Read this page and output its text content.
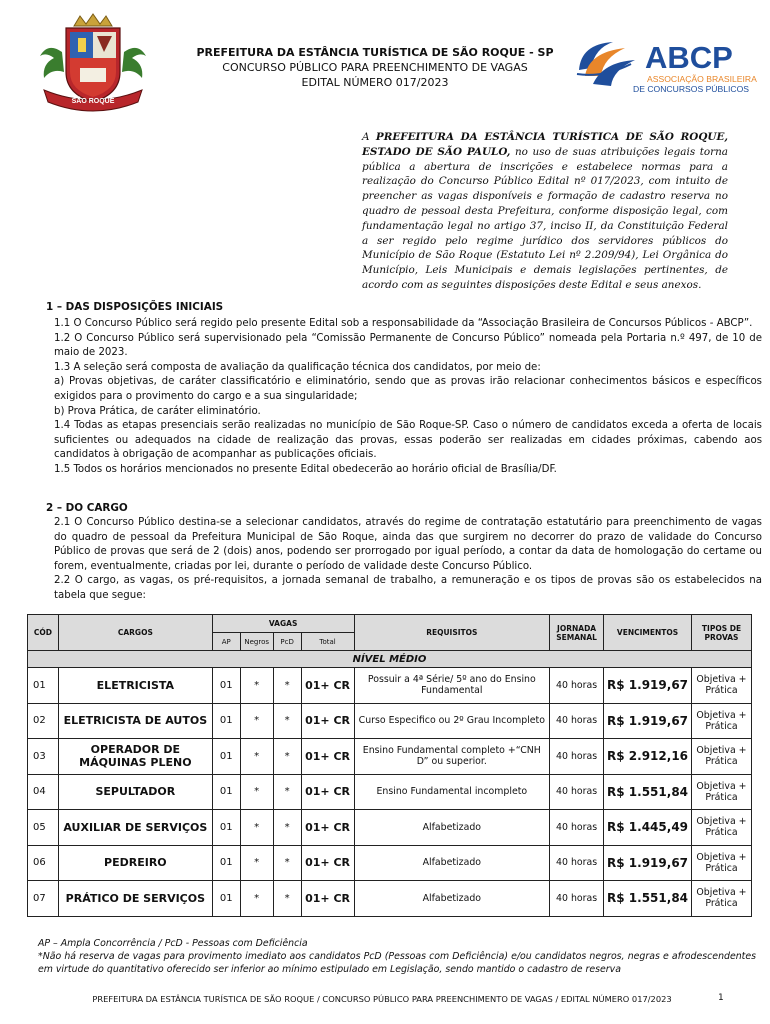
SÃO ROQUE
PREFEITURA DA ESTÂNCIA TURÍSTICA DE SÃO ROQUE - SP
CONCURSO PÚBLICO PARA PREENCHIMENTO DE VAGAS
EDITAL NÚMERO 017/2023
ABCP
ASSOCIAÇÃO BRASILEIRA
DE CONCURSOS PÚBLICOS
A PREFEITURA DA ESTÂNCIA TURÍSTICA DE SÃO ROQUE, ESTADO DE SÃO PAULO, no uso de suas atribuições legais torna pública a abertura de inscrições e estabelece normas para a realização do Concurso Público Edital nº 017/2023, com intuito de preencher as vagas disponíveis e formação de cadastro reserva no quadro de pessoal desta Prefeitura, conforme disposição legal, com fundamentação legal no artigo 37, inciso II, da Constituição Federal a ser regido pelo regime jurídico dos servidores públicos do Município de São Roque (Estatuto Lei nº 2.209/94), Lei Orgânica do Município, Leis Municipais e demais legislações pertinentes, de acordo com as seguintes disposições deste Edital e seus anexos.
1 – DAS DISPOSIÇÕES INICIAIS
1.1 O Concurso Público será regido pelo presente Edital sob a responsabilidade da “Associação Brasileira de Concursos Públicos - ABCP”.
1.2 O Concurso Público será supervisionado pela “Comissão Permanente de Concurso Público” nomeada pela Portaria n.º 497, de 10 de maio de 2023.
1.3 A seleção será composta de avaliação da qualificação técnica dos candidatos, por meio de:
a) Provas objetivas, de caráter classificatório e eliminatório, sendo que as provas irão relacionar conhecimentos básicos e específicos exigidos para o provimento do cargo e a sua singularidade;
b) Prova Prática, de caráter eliminatório.
1.4 Todas as etapas presenciais serão realizadas no município de São Roque-SP. Caso o número de candidatos exceda a oferta de locais suficientes ou adequados na cidade de realização das provas, essas poderão ser realizadas em cidades próximas, cabendo aos candidatos à obrigação de acompanhar as publicações oficiais.
1.5 Todos os horários mencionados no presente Edital obedecerão ao horário oficial de Brasília/DF.
2 – DO CARGO
2.1 O Concurso Público destina-se a selecionar candidatos, através do regime de contratação estatutário para preenchimento de vagas do quadro de pessoal da Prefeitura Municipal de São Roque, ainda das que surgirem no decorrer do prazo de validade do Concurso Público de provas que será de 2 (dois) anos, podendo ser prorrogado por igual período, a contar da data de homologação do certame ou forem, eventualmente, criadas por lei, durante o período de validade deste Concurso Público.
2.2 O cargo, as vagas, os pré-requisitos, a jornada semanal de trabalho, a remuneração e os tipos de provas são os estabelecidos na tabela que segue:
CÓD	CARGOS	VAGAS				REQUISITOS	JORNADA SEMANAL	VENCIMENTOS	TIPOS DE PROVAS
		AP	Negros	PcD	Total				
NÍVEL MÉDIO									
01	ELETRICISTA	01	*	*	01+ CR	Possuir a 4ª Série/ 5º ano do Ensino Fundamental	40 horas	R$ 1.919,67	Objetiva + Prática
02	ELETRICISTA DE AUTOS	01	*	*	01+ CR	Curso Especifico ou 2º Grau Incompleto	40 horas	R$ 1.919,67	Objetiva + Prática
03	OPERADOR DE MÁQUINAS PLENO	01	*	*	01+ CR	Ensino Fundamental completo +“CNH D” ou superior.	40 horas	R$ 2.912,16	Objetiva + Prática
04	SEPULTADOR	01	*	*	01+ CR	Ensino Fundamental incompleto	40 horas	R$ 1.551,84	Objetiva + Prática
05	AUXILIAR DE SERVIÇOS	01	*	*	01+ CR	Alfabetizado	40 horas	R$ 1.445,49	Objetiva + Prática
06	PEDREIRO	01	*	*	01+ CR	Alfabetizado	40 horas	R$ 1.919,67	Objetiva + Prática
07	PRÁTICO DE SERVIÇOS	01	*	*	01+ CR	Alfabetizado	40 horas	R$ 1.551,84	Objetiva + Prática
AP – Ampla Concorrência / PcD - Pessoas com Deficiência
*Não há reserva de vagas para provimento imediato aos candidatos PcD (Pessoas com Deficiência) e/ou candidatos negros, negras e afrodescendentes em virtude do quantitativo oferecido ser inferior ao mínimo estipulado em Legislação, sendo mantido o cadastro de reserva
PREFEITURA DA ESTÂNCIA TURÍSTICA DE SÃO ROQUE / CONCURSO PÚBLICO PARA PREENCHIMENTO DE VAGAS / EDITAL NÚMERO 017/2023	1
